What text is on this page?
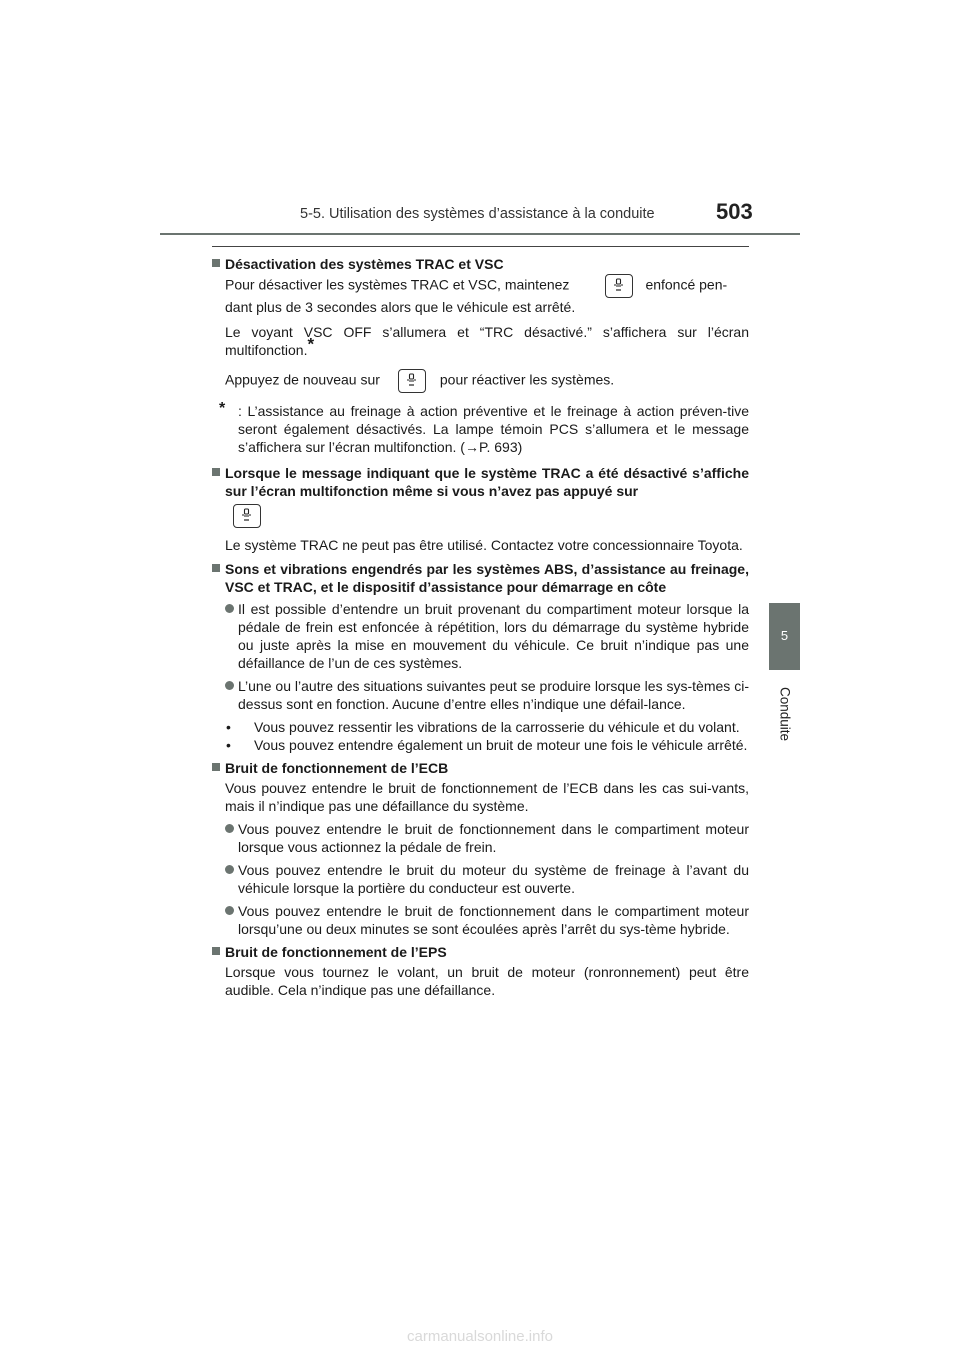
5-5. Utilisation des systèmes d’assistance à la conduite	503
5
Conduite
Désactivation des systèmes TRAC et VSC

Pour désactiver les systèmes TRAC et VSC, maintenez	enfoncé pen-
dant plus de 3 secondes alors que le véhicule est arrêté.

Le voyant VSC OFF s’allumera et “TRC désactivé.” s’affichera sur l’écran multifonction.*

Appuyez de nouveau sur	pour réactiver les systèmes.

* : L’assistance au freinage à action préventive et le freinage à action préven-tive seront également désactivés. La lampe témoin PCS s’allumera et le message s’affichera sur l’écran multifonction. (→P. 693)
Lorsque le message indiquant que le système TRAC a été désactivé s’affiche sur l’écran multifonction même si vous n’avez pas appuyé sur

Le système TRAC ne peut pas être utilisé. Contactez votre concessionnaire Toyota.

Sons et vibrations engendrés par les systèmes ABS, d’assistance au freinage, VSC et TRAC, et le dispositif d’assistance pour démarrage en côte
Il est possible d’entendre un bruit provenant du compartiment moteur lorsque la pédale de frein est enfoncée à répétition, lors du démarrage du système hybride ou juste après la mise en mouvement du véhicule. Ce bruit n’indique pas une défaillance de l’un de ces systèmes.
L’une ou l’autre des situations suivantes peut se produire lorsque les sys-tèmes ci-dessus sont en fonction. Aucune d’entre elles n’indique une défail-lance.
•	Vous pouvez ressentir les vibrations de la carrosserie du véhicule et du volant.
•	Vous pouvez entendre également un bruit de moteur une fois le véhicule arrêté.
Bruit de fonctionnement de l’ECB

Vous pouvez entendre le bruit de fonctionnement de l’ECB dans les cas sui-vants, mais il n’indique pas une défaillance du système.

Vous pouvez entendre le bruit de fonctionnement dans le compartiment moteur lorsque vous actionnez la pédale de frein.
Vous pouvez entendre le bruit du moteur du système de freinage à l’avant du véhicule lorsque la portière du conducteur est ouverte.
Vous pouvez entendre le bruit de fonctionnement dans le compartiment moteur lorsqu’une ou deux minutes se sont écoulées après l’arrêt du sys-tème hybride.
Bruit de fonctionnement de l’EPS

Lorsque vous tournez le volant, un bruit de moteur (ronronnement) peut être audible. Cela n’indique pas une défaillance.

carmanualsonline.info
